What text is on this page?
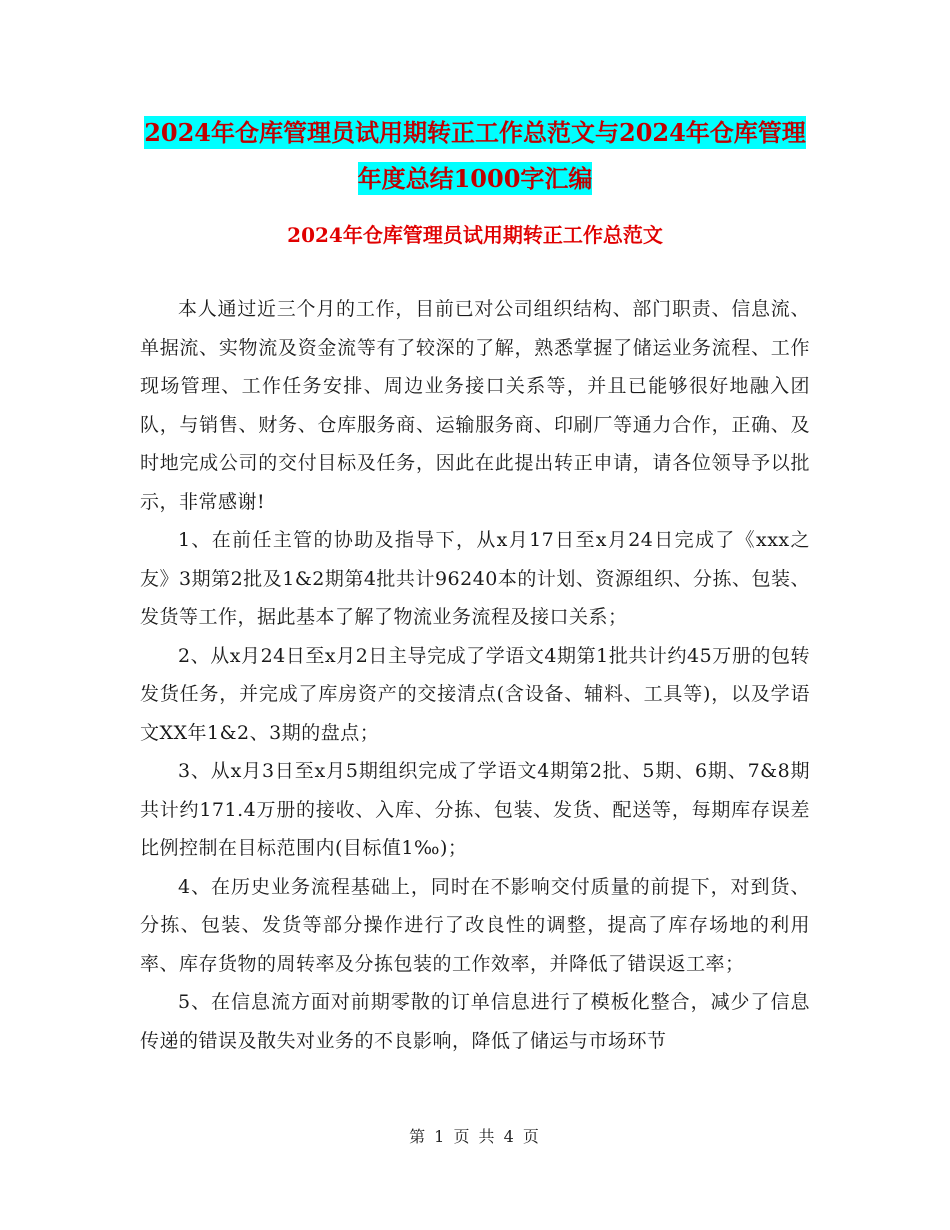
2024年仓库管理员试用期转正工作总范文与2024年仓库管理年度总结1000字汇编
2024年仓库管理员试用期转正工作总范文

本人通过近三个月的工作，目前已对公司组织结构、部门职责、信息流、单据流、实物流及资金流等有了较深的了解，熟悉掌握了储运业务流程、工作现场管理、工作任务安排、周边业务接口关系等，并且已能够很好地融入团队，与销售、财务、仓库服务商、运输服务商、印刷厂等通力合作，正确、及时地完成公司的交付目标及任务，因此在此提出转正申请，请各位领导予以批示，非常感谢!

1、在前任主管的协助及指导下，从x月17日至x月24日完成了《xxx之友》3期第2批及1&2期第4批共计96240本的计划、资源组织、分拣、包装、发货等工作，据此基本了解了物流业务流程及接口关系；

2、从x月24日至x月2日主导完成了学语文4期第1批共计约45万册的包转发货任务，并完成了库房资产的交接清点(含设备、辅料、工具等)，以及学语文XX年1&2、3期的盘点；

3、从x月3日至x月5期组织完成了学语文4期第2批、5期、6期、7&8期共计约171.4万册的接收、入库、分拣、包装、发货、配送等，每期库存误差比例控制在目标范围内(目标值1‰)；

4、在历史业务流程基础上，同时在不影响交付质量的前提下，对到货、分拣、包装、发货等部分操作进行了改良性的调整，提高了库存场地的利用率、库存货物的周转率及分拣包装的工作效率，并降低了错误返工率；

5、在信息流方面对前期零散的订单信息进行了模板化整合，减少了信息传递的错误及散失对业务的不良影响，降低了储运与市场环节

第 1 页 共 4 页
